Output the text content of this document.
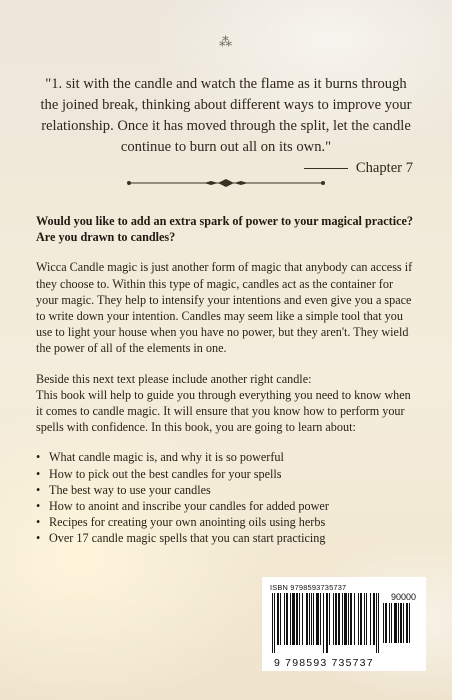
⁂
"1. sit with the candle and watch the flame as it burns through the joined break, thinking about different ways to improve your relationship. Once it has moved through the split, let the candle continue to burn out all on its own."
Chapter 7

Would you like to add an extra spark of power to your magical practice? Are you drawn to candles?

Wicca Candle magic is just another form of magic that anybody can access if they choose to. Within this type of magic, candles act as the container for your magic. They help to intensify your intentions and even give you a space to write down your intention. Candles may seem like a simple tool that you use to light your house when you have no power, but they aren't. They wield the power of all of the elements in one.

Beside this next text please include another right candle:

This book will help to guide you through everything you need to know when it comes to candle magic. It will ensure that you know how to perform your spells with confidence. In this book, you are going to learn about:

• What candle magic is, and why it is so powerful
• How to pick out the best candles for your spells
• The best way to use your candles
• How to anoint and inscribe your candles for added power
• Recipes for creating your own anointing oils using herbs
• Over 17 candle magic spells that you can start practicing
ISBN 9798593735737
90000
9 798593 735737
